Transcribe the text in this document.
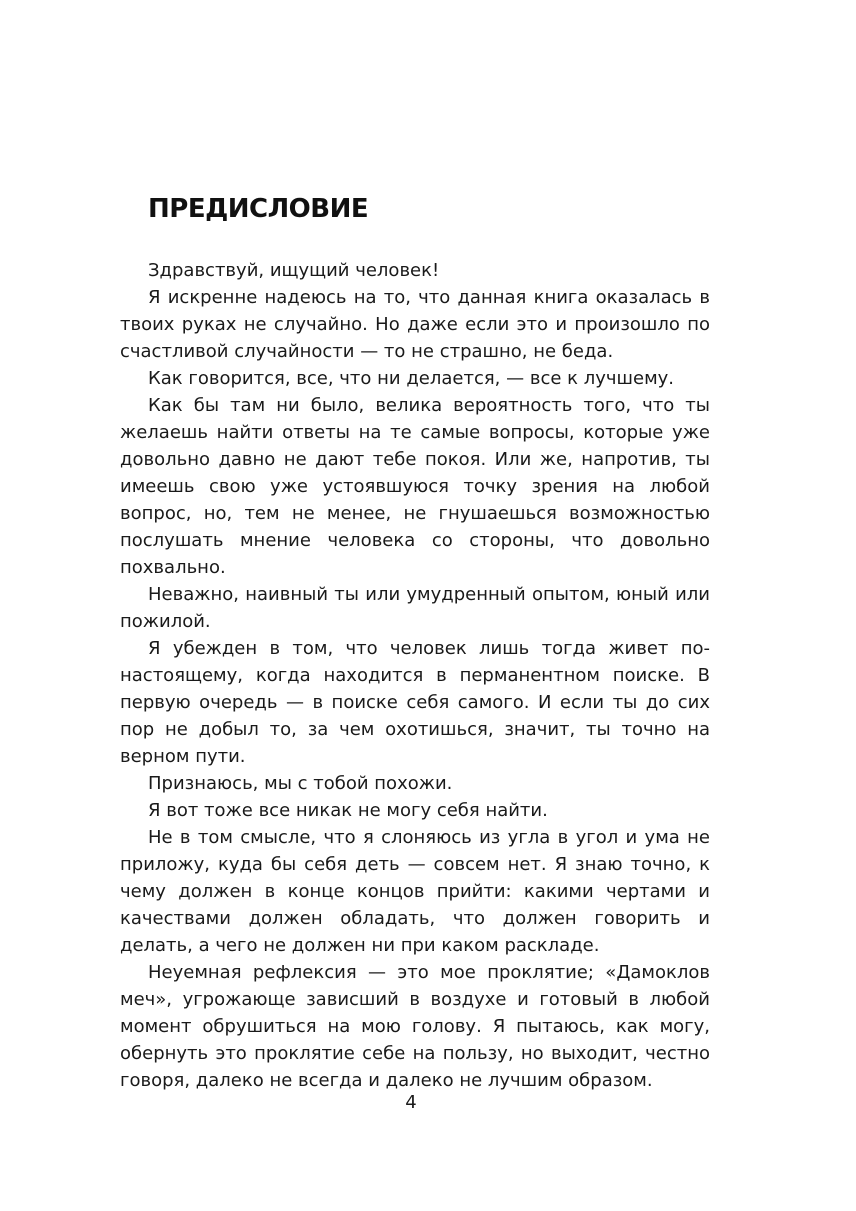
ПРЕДИСЛОВИЕ

Здравствуй, ищущий человек!

Я искренне надеюсь на то, что данная книга оказалась в твоих руках не случайно. Но даже если это и произошло по счастливой случайности — то не страшно, не беда.

Как говорится, все, что ни делается, — все к лучшему.

Как бы там ни было, велика вероятность того, что ты желаешь найти ответы на те самые вопросы, которые уже довольно давно не дают тебе покоя. Или же, напротив, ты имеешь свою уже устоявшуюся точку зрения на любой вопрос, но, тем не менее, не гнушаешься возможностью послушать мнение человека со стороны, что довольно похвально.

Неважно, наивный ты или умудренный опытом, юный или пожилой.

Я убежден в том, что человек лишь тогда живет по-настоящему, когда находится в перманентном поиске. В первую очередь — в поиске себя самого. И если ты до сих пор не добыл то, за чем охотишься, значит, ты точно на верном пути.

Признаюсь, мы с тобой похожи.

Я вот тоже все никак не могу себя найти.

Не в том смысле, что я слоняюсь из угла в угол и ума не приложу, куда бы себя деть — совсем нет. Я знаю точно, к чему должен в конце концов прийти: какими чертами и качествами должен обладать, что должен говорить и делать, а чего не должен ни при каком раскладе.

Неуемная рефлексия — это мое проклятие; «Дамоклов меч», угрожающе зависший в воздухе и готовый в любой момент обрушиться на мою голову. Я пытаюсь, как могу, обернуть это проклятие себе на пользу, но выходит, честно говоря, далеко не всегда и далеко не лучшим образом.

4
